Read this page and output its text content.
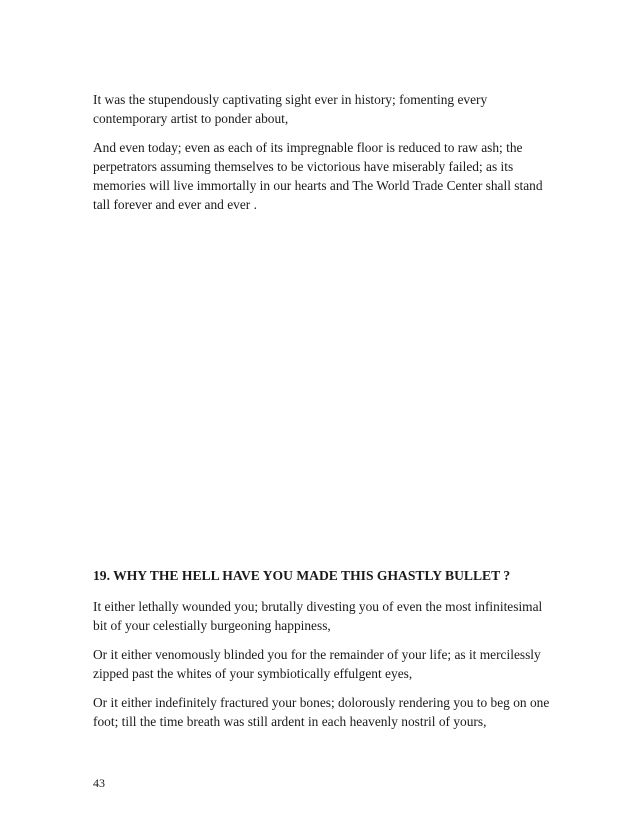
It was the stupendously captivating sight ever in history; fomenting every contemporary artist to ponder about,

And even today; even as each of its impregnable floor is reduced to raw ash; the perpetrators assuming themselves to be victorious have miserably failed; as its memories will live immortally in our hearts and The World Trade Center shall stand tall forever and ever and ever .

19. WHY THE HELL HAVE YOU MADE THIS GHASTLY BULLET ?

It either lethally wounded you; brutally divesting you of even the most infinitesimal bit of your celestially burgeoning happiness,

Or it either venomously blinded you for the remainder of your life; as it mercilessly zipped past the whites of your symbiotically effulgent eyes,

Or it either indefinitely fractured your bones; dolorously rendering you to beg on one foot; till the time breath was still ardent in each heavenly nostril of yours,

43
